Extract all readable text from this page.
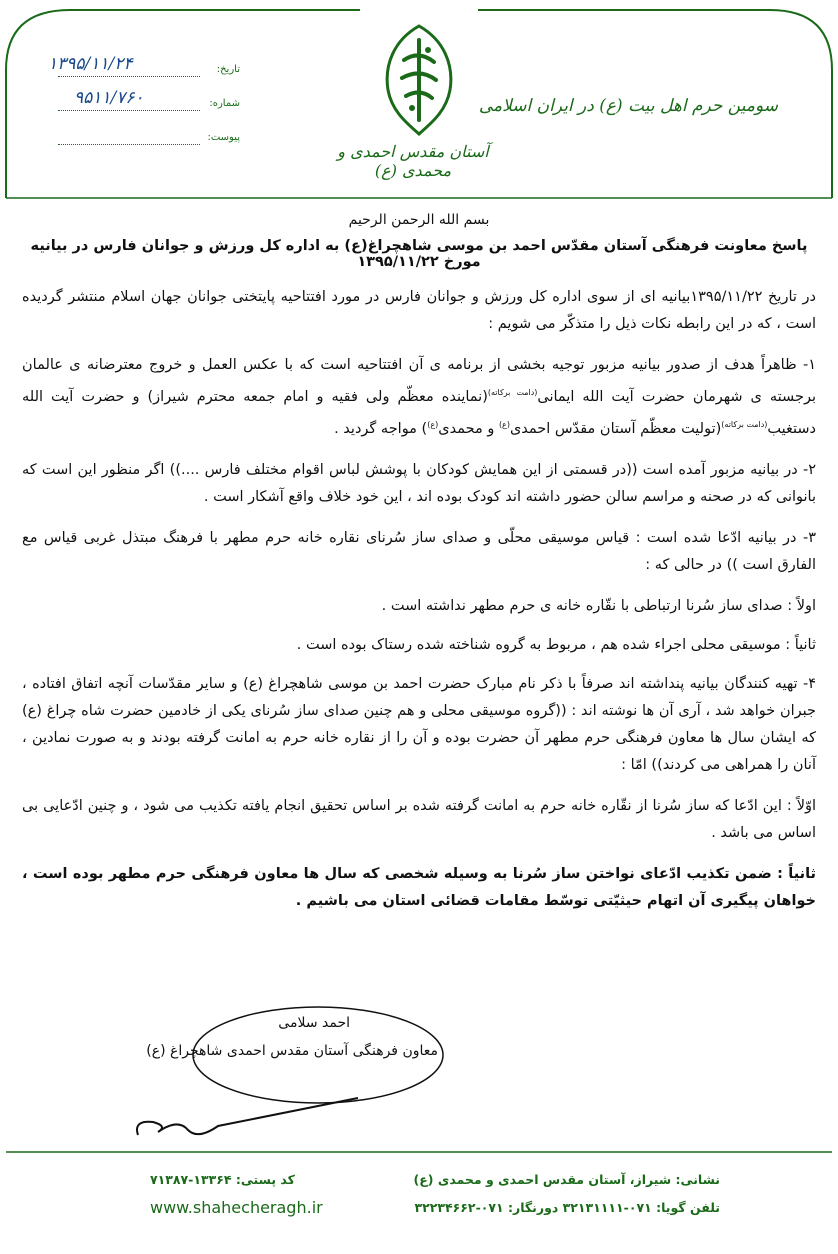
تاریخ:
۱۳۹۵/۱۱/۲۴
شماره:
۹۵۱۱/۷۶۰
پیوست:
سومین حرم اهل بیت (ع) در ایران اسلامی
آستان مقدس احمدی و محمدی (ع)
بسم الله الرحمن الرحیم
پاسخ معاونت فرهنگی آستان مقدّس احمد بن موسی شاهچراغ(ع) به اداره کل ورزش و جوانان فارس در بیانیه مورخ ۱۳۹۵/۱۱/۲۲

در تاریخ ۱۳۹۵/۱۱/۲۲بیانیه ای از سوی اداره کل ورزش و جوانان فارس در مورد افتتاحیه پایتختی جوانان جهان اسلام منتشر گردیده است ، که در این رابطه نکات ذیل را متذکّر می شویم :

۱- ظاهراً هدف از صدور بیانیه مزبور توجیه بخشی از برنامه ی آن افتتاحیه است که با عکس العمل و خروج معترضانه ی عالمان برجسته ی شهرمان حضرت آیت الله ایمانی$^{(دامت برکاته)}$(نماینده معظّم ولی فقیه و امام جمعه محترم شیراز) و حضرت آیت الله دستغیب$^{(دامت برکاته)}$(تولیت معظّم آستان مقدّس احمدی$^{(ع)}$ و محمدی$^{(ع)}$) مواجه گردید .

۲- در بیانیه مزبور آمده است ((در قسمتی از این همایش کودکان با پوشش لباس اقوام مختلف فارس ....)) اگر منظور این است که بانوانی که در صحنه و مراسم سالن حضور داشته اند کودک بوده اند ، این خود خلاف واقع آشکار است .

۳- در بیانیه ادّعا شده است : قیاس موسیقی محلّی و صدای ساز سُرنای نقاره خانه حرم مطهر با فرهنگ مبتذل غربی قیاس مع الفارق است )) در حالی که :

اولاً : صدای ساز سُرنا ارتباطی با نقّاره خانه ی حرم مطهر نداشته است .

ثانیاً : موسیقی محلی اجراء شده هم ، مربوط به گروه شناخته شده رستاک بوده است .

۴- تهیه کنندگان بیانیه پنداشته اند صرفاً با ذکر نام مبارک حضرت احمد بن موسی شاهچراغ (ع) و سایر مقدّسات آنچه اتفاق افتاده ، جبران خواهد شد ، آری آن ها نوشته اند : ((گروه موسیقی محلی و هم چنین صدای ساز سُرنای یکی از خادمین حضرت شاه چراغ (ع) که ایشان سال ها معاون فرهنگی حرم مطهر آن حضرت بوده و آن را از نقاره خانه حرم به امانت گرفته بودند و به صورت نمادین ، آنان را همراهی می کردند)) امّا :

اوّلاً : این ادّعا که ساز سُرنا از نقّاره خانه حرم به امانت گرفته شده بر اساس تحقیق انجام یافته تکذیب می شود ، و چنین ادّعایی بی اساس می باشد .

ثانیاً : ضمن تکذیب ادّعای نواختن ساز سُرنا به وسیله شخصی که سال ها معاون فرهنگی حرم مطهر بوده است ، خواهان پیگیری آن اتهام حیثیّتی توسّط مقامات قضائی استان می باشیم .

احمد سلامی
معاون فرهنگی آستان مقدس احمدی شاهچراغ (ع)
نشانی: شیراز، آستان مقدس احمدی و محمدی (ع)
تلفن گویا: ۰۷۱-۳۲۱۳۱۱۱۱ دورنگار: ۰۷۱-۳۲۲۳۴۶۶۲
کد پستی: ۱۳۳۶۴-۷۱۳۸۷
www.shahecheragh.ir
